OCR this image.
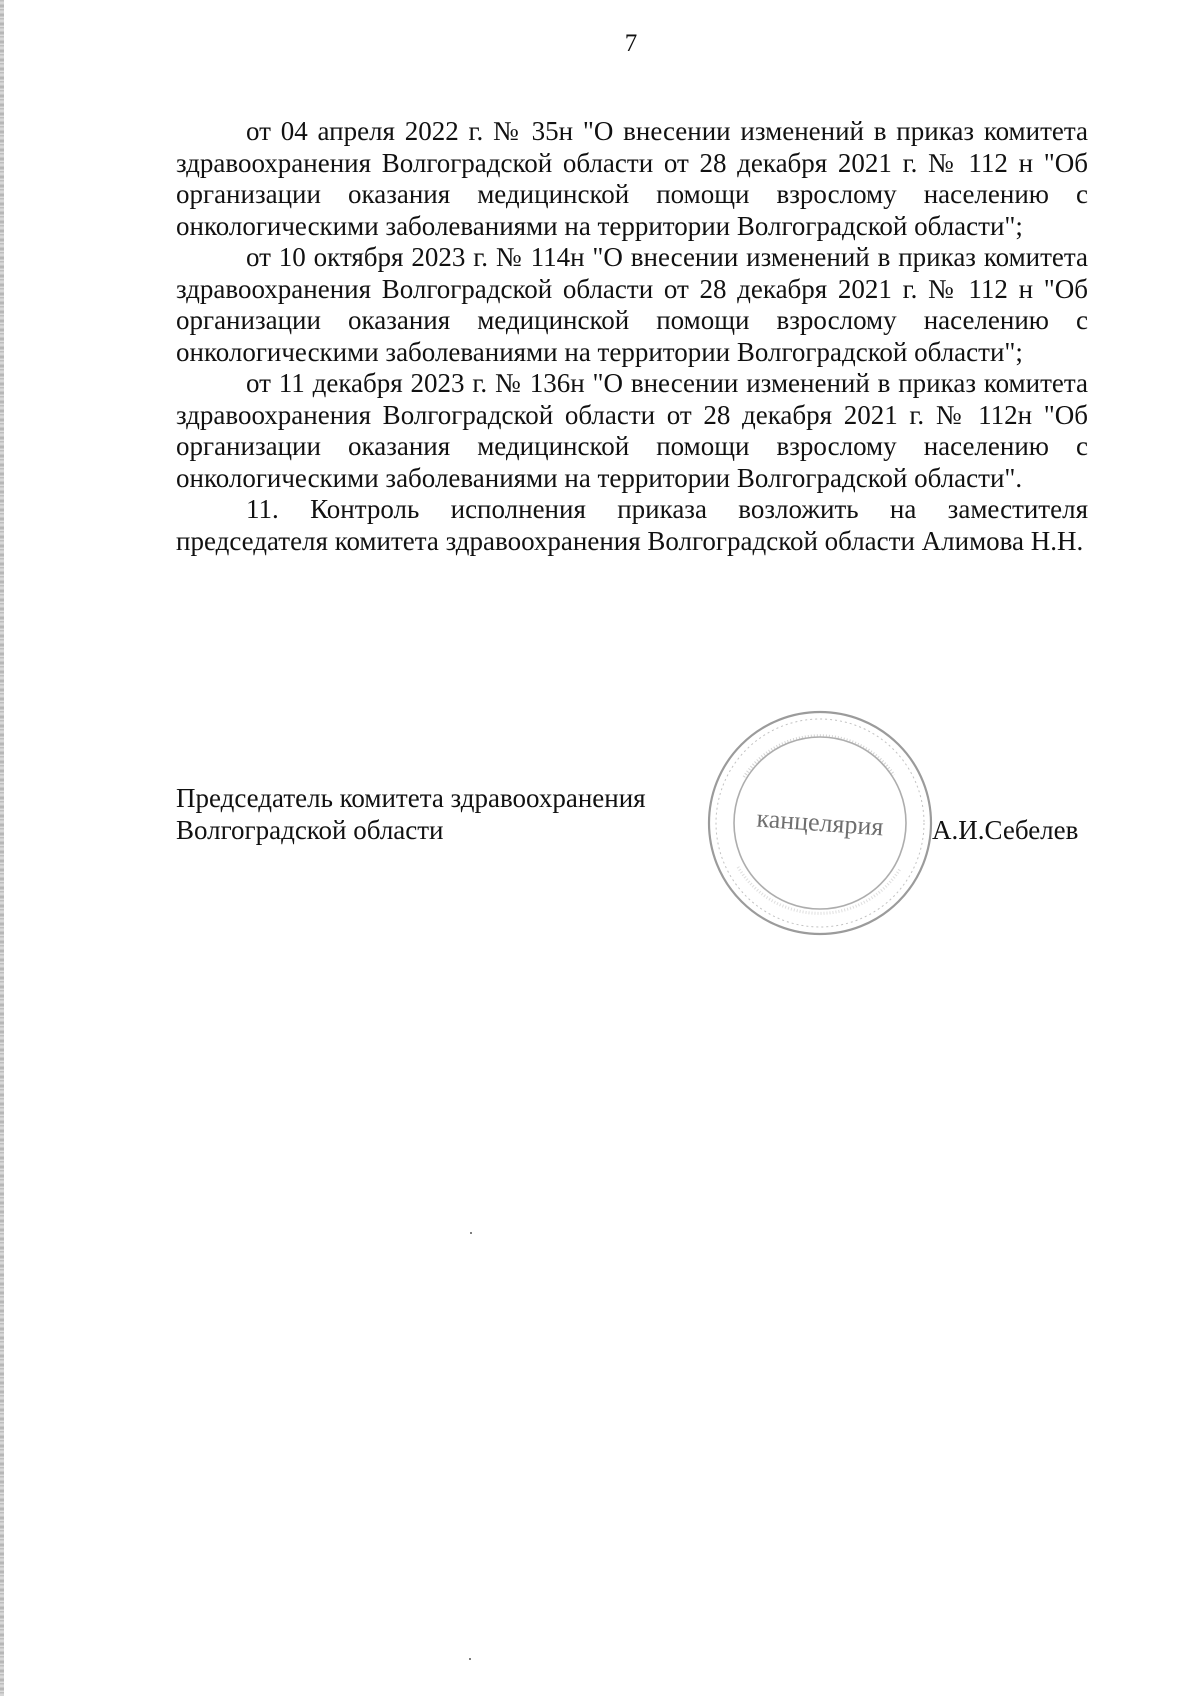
7

от 04 апреля 2022 г. № 35н "О внесении изменений в приказ комитета здравоохранения Волгоградской области от 28 декабря 2021 г. № 112 н "Об организации оказания медицинской помощи взрослому населению с онкологическими заболеваниями на территории Волгоградской области";

от 10 октября 2023 г. № 114н "О внесении изменений в приказ комитета здравоохранения Волгоградской области от 28 декабря 2021 г. № 112 н "Об организации оказания медицинской помощи взрослому населению с онкологическими заболеваниями на территории Волгоградской области";

от 11 декабря 2023 г. № 136н "О внесении изменений в приказ комитета здравоохранения Волгоградской области от 28 декабря 2021 г. № 112н "Об организации оказания медицинской помощи взрослому населению с онкологическими заболеваниями на территории Волгоградской области".

11. Контроль исполнения приказа возложить на заместителя председателя комитета здравоохранения Волгоградской области Алимова Н.Н.

Председатель комитета здравоохранения
Волгоградской области	канцелярия А.И.Себелев
